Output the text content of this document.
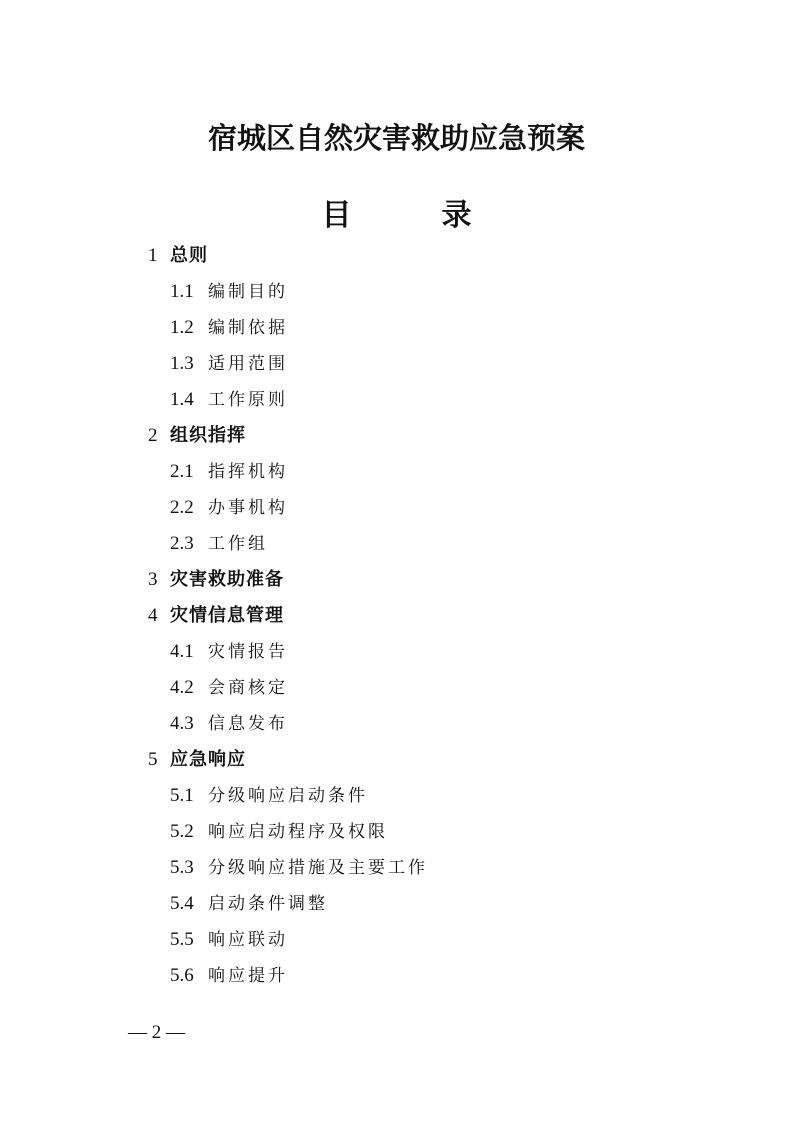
宿城区自然灾害救助应急预案
目　录
1 总则
1.1 编制目的
1.2 编制依据
1.3 适用范围
1.4 工作原则
2 组织指挥
2.1 指挥机构
2.2 办事机构
2.3 工作组
3 灾害救助准备
4 灾情信息管理
4.1 灾情报告
4.2 会商核定
4.3 信息发布
5 应急响应
5.1 分级响应启动条件
5.2 响应启动程序及权限
5.3 分级响应措施及主要工作
5.4 启动条件调整
5.5 响应联动
5.6 响应提升

— 2 —
